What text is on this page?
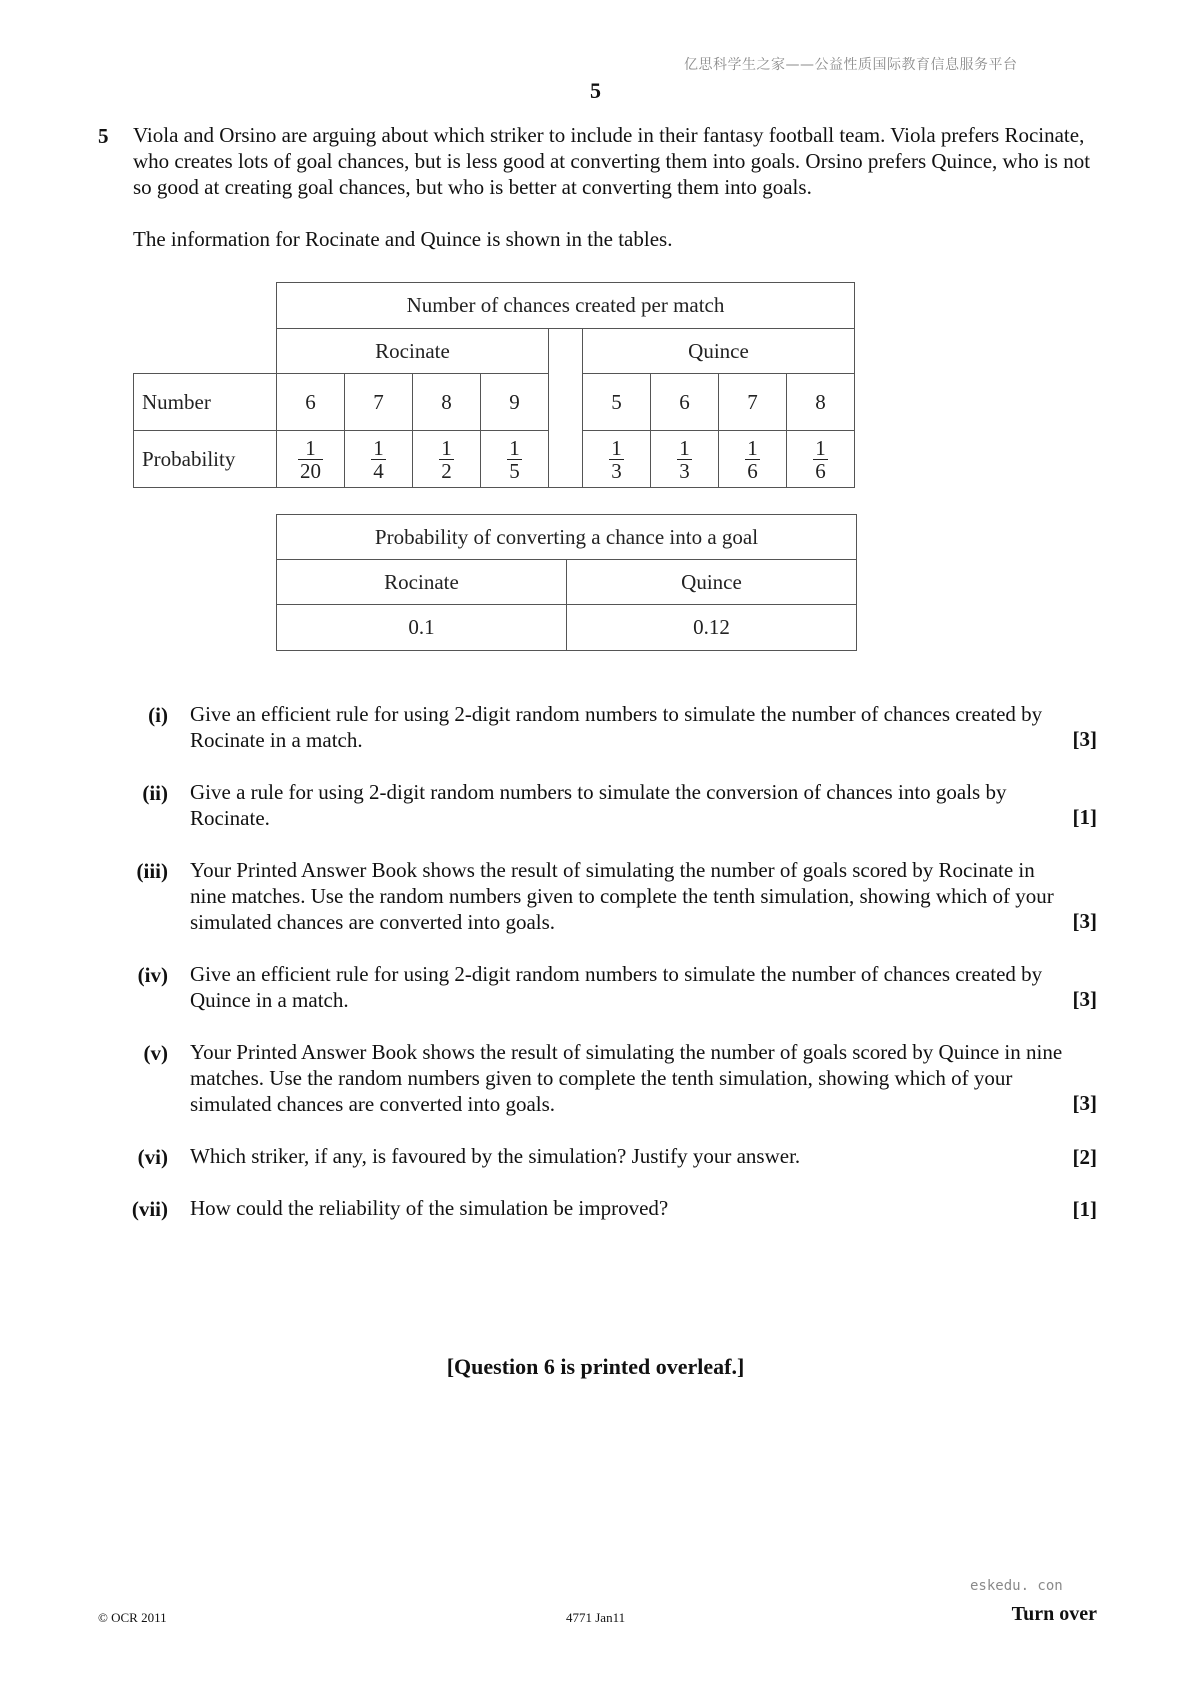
亿思科学生之家——公益性质国际教育信息服务平台
5
5 Viola and Orsino are arguing about which striker to include in their fantasy football team. Viola prefers Rocinate, who creates lots of goal chances, but is less good at converting them into goals. Orsino prefers Quince, who is not so good at creating goal chances, but who is better at converting them into goals.
The information for Rocinate and Quince is shown in the tables.
	Number of chances created per match								
	Rocinate					Quince			
Number	6	7	8	9		5	6	7	8
Probability	$\frac{1}{20}$	$\frac{1}{4}$	$\frac{1}{2}$	$\frac{1}{5}$		$\frac{1}{3}$	$\frac{1}{3}$	$\frac{1}{6}$	$\frac{1}{6}$
Probability of converting a chance into a goal	
Rocinate	Quince
0.1	0.12
(i) Give an efficient rule for using 2-digit random numbers to simulate the number of chances created by Rocinate in a match.	[3]
(ii) Give a rule for using 2-digit random numbers to simulate the conversion of chances into goals by Rocinate.	[1]
(iii) Your Printed Answer Book shows the result of simulating the number of goals scored by Rocinate in nine matches. Use the random numbers given to complete the tenth simulation, showing which of your simulated chances are converted into goals.	[3]
(iv) Give an efficient rule for using 2-digit random numbers to simulate the number of chances created by Quince in a match.	[3]
(v) Your Printed Answer Book shows the result of simulating the number of goals scored by Quince in nine matches. Use the random numbers given to complete the tenth simulation, showing which of your simulated chances are converted into goals.	[3]
(vi) Which striker, if any, is favoured by the simulation? Justify your answer.	[2]
(vii) How could the reliability of the simulation be improved?	[1]
[Question 6 is printed overleaf.]
eskedu. con
© OCR 2011	4771 Jan11	Turn over
